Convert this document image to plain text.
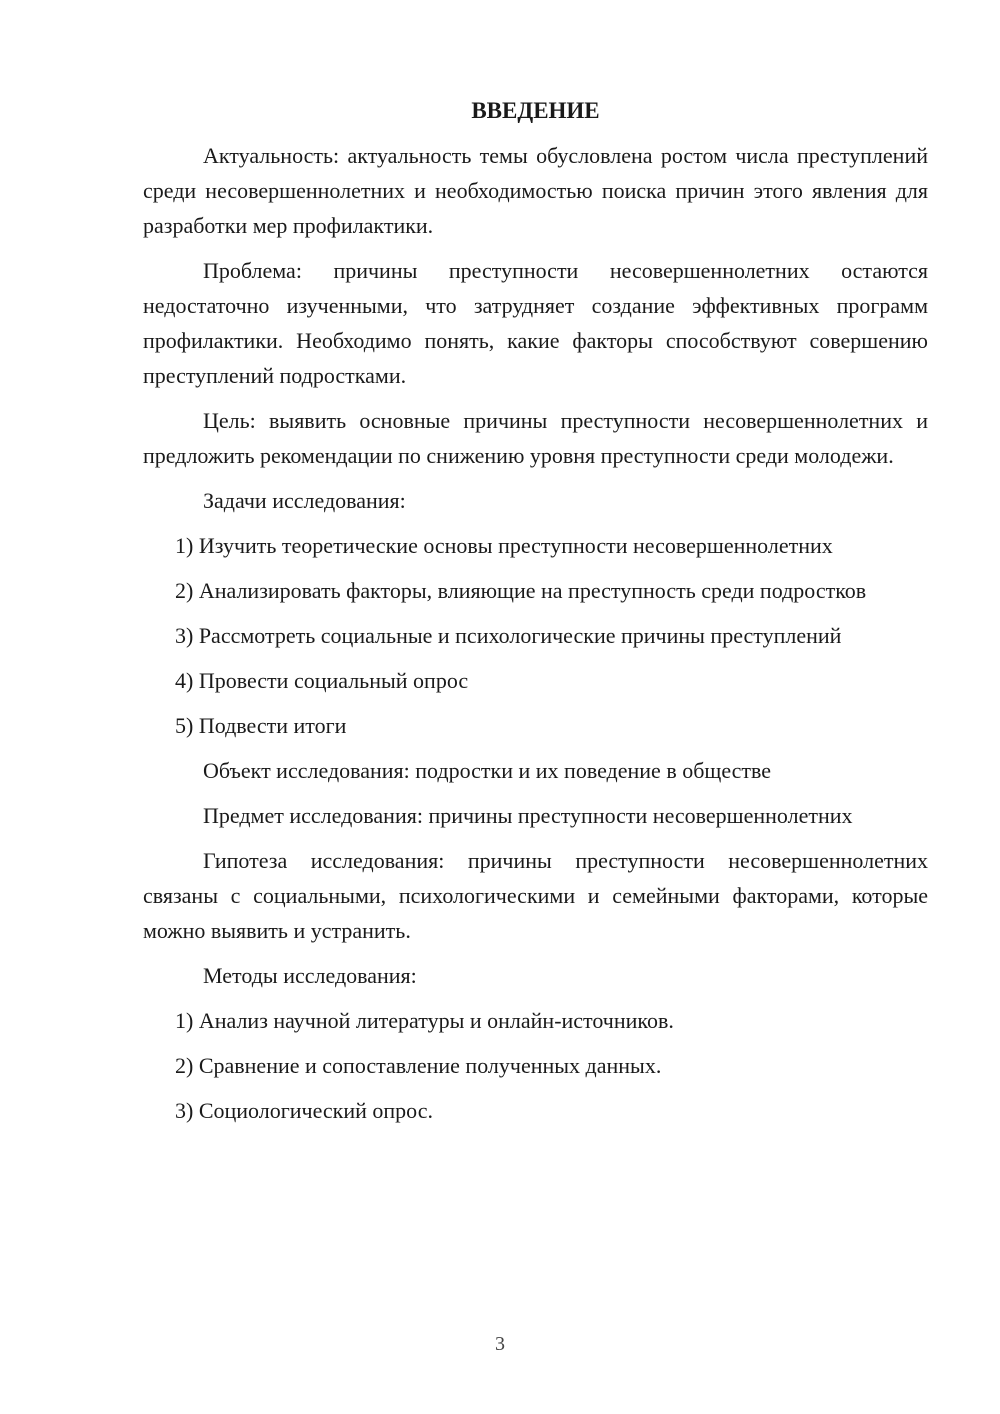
ВВЕДЕНИЕ

Актуальность: актуальность темы обусловлена ростом числа преступлений среди несовершеннолетних и необходимостью поиска причин этого явления для разработки мер профилактики.

Проблема: причины преступности несовершеннолетних остаются недостаточно изученными, что затрудняет создание эффективных программ профилактики. Необходимо понять, какие факторы способствуют совершению преступлений подростками.

Цель: выявить основные причины преступности несовершеннолетних и предложить рекомендации по снижению уровня преступности среди молодежи.

Задачи исследования:

1) Изучить теоретические основы преступности несовершеннолетних

2) Анализировать факторы, влияющие на преступность среди подростков

3) Рассмотреть социальные и психологические причины преступлений

4) Провести социальный опрос

5) Подвести итоги

Объект исследования: подростки и их поведение в обществе

Предмет исследования: причины преступности несовершеннолетних

Гипотеза исследования: причины преступности несовершеннолетних связаны с социальными, психологическими и семейными факторами, которые можно выявить и устранить.

Методы исследования:

1) Анализ научной литературы и онлайн-источников.

2) Сравнение и сопоставление полученных данных.

3) Социологический опрос.

3
